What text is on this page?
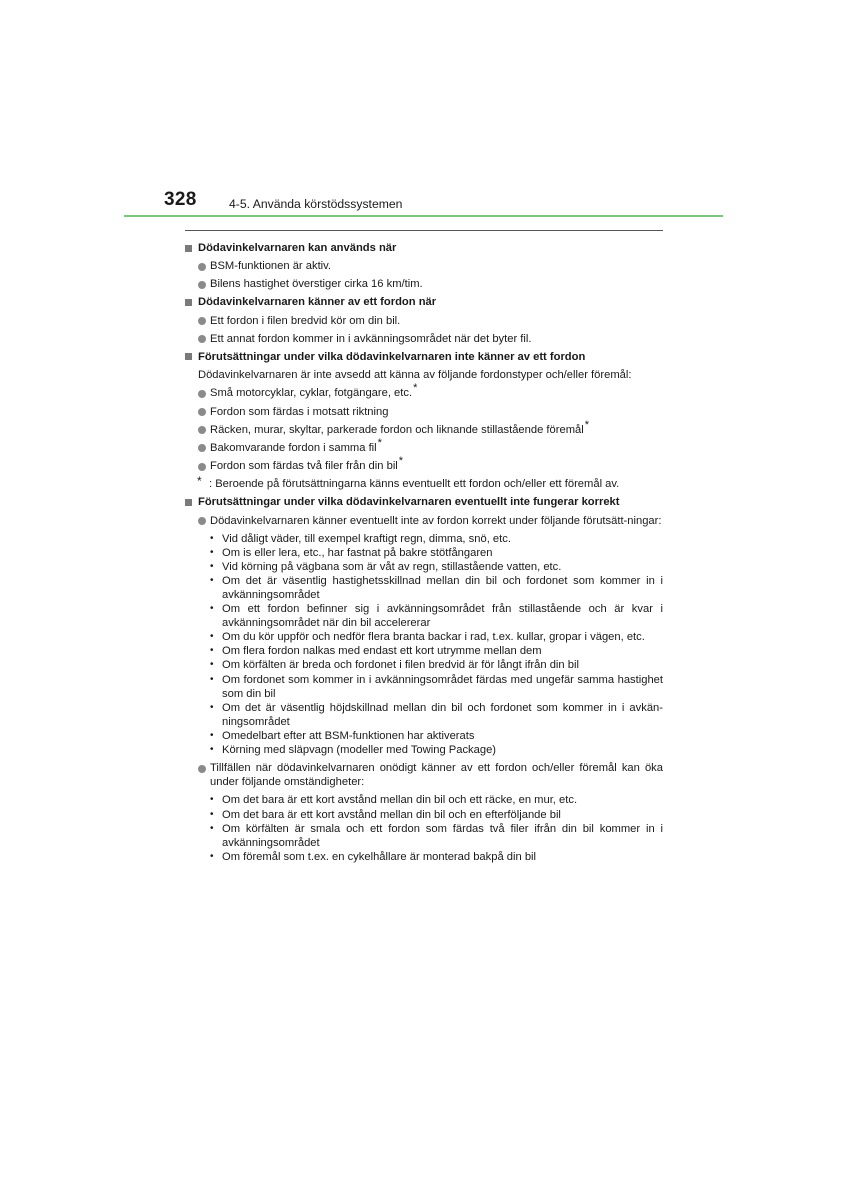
328	4-5. Använda körstödssystemen
Dödavinkelvarnaren kan används när
BSM-funktionen är aktiv.
Bilens hastighet överstiger cirka 16 km/tim.
Dödavinkelvarnaren känner av ett fordon när
Ett fordon i filen bredvid kör om din bil.
Ett annat fordon kommer in i avkänningsområdet när det byter fil.
Förutsättningar under vilka dödavinkelvarnaren inte känner av ett fordon
Dödavinkelvarnaren är inte avsedd att känna av följande fordonstyper och/eller föremål:
Små motorcyklar, cyklar, fotgängare, etc.*
Fordon som färdas i motsatt riktning
Räcken, murar, skyltar, parkerade fordon och liknande stillastående föremål*
Bakomvarande fordon i samma fil*
Fordon som färdas två filer från din bil*
* : Beroende på förutsättningarna känns eventuellt ett fordon och/eller ett föremål av.
Förutsättningar under vilka dödavinkelvarnaren eventuellt inte fungerar korrekt
Dödavinkelvarnaren känner eventuellt inte av fordon korrekt under följande förutsätt-ningar:
• Vid dåligt väder, till exempel kraftigt regn, dimma, snö, etc.
• Om is eller lera, etc., har fastnat på bakre stötfångaren
• Vid körning på vägbana som är våt av regn, stillastående vatten, etc.
• Om det är väsentlig hastighetsskillnad mellan din bil och fordonet som kommer in i avkänningsområdet
• Om ett fordon befinner sig i avkänningsområdet från stillastående och är kvar i avkänningsområdet när din bil accelererar
• Om du kör uppför och nedför flera branta backar i rad, t.ex. kullar, gropar i vägen, etc.
• Om flera fordon nalkas med endast ett kort utrymme mellan dem
• Om körfälten är breda och fordonet i filen bredvid är för långt ifrån din bil
• Om fordonet som kommer in i avkänningsområdet färdas med ungefär samma hastighet som din bil
• Om det är väsentlig höjdskillnad mellan din bil och fordonet som kommer in i avkän-ningsområdet
• Omedelbart efter att BSM-funktionen har aktiverats
• Körning med släpvagn (modeller med Towing Package)
Tillfällen när dödavinkelvarnaren onödigt känner av ett fordon och/eller föremål kan öka under följande omständigheter:
• Om det bara är ett kort avstånd mellan din bil och ett räcke, en mur, etc.
• Om det bara är ett kort avstånd mellan din bil och en efterföljande bil
• Om körfälten är smala och ett fordon som färdas två filer ifrån din bil kommer in i avkänningsområdet
• Om föremål som t.ex. en cykelhållare är monterad bakpå din bil
